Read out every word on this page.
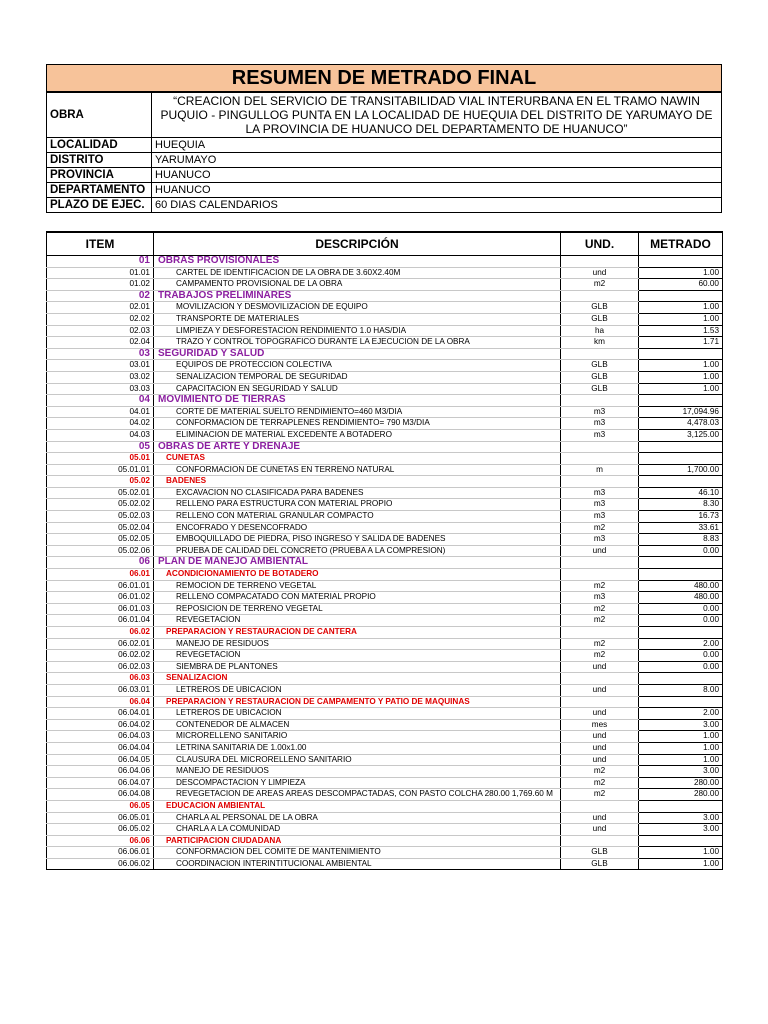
RESUMEN DE METRADO FINAL
OBRA	“CREACION DEL SERVICIO DE TRANSITABILIDAD VIAL INTERURBANA EN EL TRAMO NAWIN PUQUIO - PINGULLOG PUNTA EN LA LOCALIDAD DE HUEQUIA DEL DISTRITO DE YARUMAYO DE LA PROVINCIA DE HUANUCO DEL DEPARTAMENTO DE HUANUCO”
LOCALIDAD	HUEQUIA
DISTRITO	YARUMAYO
PROVINCIA	HUANUCO
DEPARTAMENTO	HUANUCO
PLAZO DE EJEC.	60 DIAS CALENDARIOS
ITEM	DESCRIPCIÓN	UND.	METRADO
01	OBRAS PROVISIONALES		
01.01	CARTEL DE IDENTIFICACION DE LA OBRA DE 3.60X2.40M	und	1.00
01.02	CAMPAMENTO PROVISIONAL DE LA OBRA	m2	60.00
02	TRABAJOS PRELIMINARES		
02.01	MOVILIZACION Y DESMOVILIZACION DE EQUIPO	GLB	1.00
02.02	TRANSPORTE DE MATERIALES	GLB	1.00
02.03	LIMPIEZA Y DESFORESTACION RENDIMIENTO 1.0 HAS/DIA	ha	1.53
02.04	TRAZO Y CONTROL TOPOGRAFICO DURANTE LA EJECUCION DE LA OBRA	km	1.71
03	SEGURIDAD Y SALUD		
03.01	EQUIPOS DE PROTECCION COLECTIVA	GLB	1.00
03.02	SENALIZACION TEMPORAL DE SEGURIDAD	GLB	1.00
03.03	CAPACITACION EN SEGURIDAD Y SALUD	GLB	1.00
04	MOVIMIENTO DE TIERRAS		
04.01	CORTE DE MATERIAL SUELTO RENDIMIENTO=460 M3/DIA	m3	17,094.96
04.02	CONFORMACION DE TERRAPLENES RENDIMIENTO= 790 M3/DIA	m3	4,478.03
04.03	ELIMINACION DE MATERIAL EXCEDENTE A BOTADERO	m3	3,125.00
05	OBRAS DE ARTE Y DRENAJE		
05.01	CUNETAS		
05.01.01	CONFORMACION DE CUNETAS EN TERRENO NATURAL	m	1,700.00
05.02	BADENES		
05.02.01	EXCAVACION NO CLASIFICADA PARA BADENES	m3	46.10
05.02.02	RELLENO PARA ESTRUCTURA CON MATERIAL PROPIO	m3	8.30
05.02.03	RELLENO CON MATERIAL GRANULAR COMPACTO	m3	16.73
05.02.04	ENCOFRADO Y DESENCOFRADO	m2	33.61
05.02.05	EMBOQUILLADO DE PIEDRA, PISO INGRESO Y SALIDA DE BADENES	m3	8.83
05.02.06	PRUEBA DE CALIDAD DEL CONCRETO (PRUEBA A LA COMPRESION)	und	0.00
06	PLAN DE MANEJO AMBIENTAL		
06.01	ACONDICIONAMIENTO DE BOTADERO		
06.01.01	REMOCION DE TERRENO VEGETAL	m2	480.00
06.01.02	RELLENO COMPACATADO CON MATERIAL PROPIO	m3	480.00
06.01.03	REPOSICION DE TERRENO VEGETAL	m2	0.00
06.01.04	REVEGETACION	m2	0.00
06.02	PREPARACION Y RESTAURACION DE CANTERA		
06.02.01	MANEJO DE RESIDUOS	m2	2.00
06.02.02	REVEGETACION	m2	0.00
06.02.03	SIEMBRA DE PLANTONES	und	0.00
06.03	SENALIZACION		
06.03.01	LETREROS DE UBICACION	und	8.00
06.04	PREPARACION Y RESTAURACION DE CAMPAMENTO Y PATIO DE MAQUINAS		
06.04.01	LETREROS DE UBICACION	und	2.00
06.04.02	CONTENEDOR DE ALMACEN	mes	3.00
06.04.03	MICRORELLENO SANITARIO	und	1.00
06.04.04	LETRINA SANITARIA DE 1.00x1.00	und	1.00
06.04.05	CLAUSURA DEL MICRORELLENO SANITARIO	und	1.00
06.04.06	MANEJO DE RESIDUOS	m2	3.00
06.04.07	DESCOMPACTACION Y LIMPIEZA	m2	280.00
06.04.08	REVEGETACION DE AREAS AREAS DESCOMPACTADAS, CON PASTO COLCHA 280.00 1,769.60 M	m2	280.00
06.05	EDUCACION AMBIENTAL		
06.05.01	CHARLA AL PERSONAL DE LA OBRA	und	3.00
06.05.02	CHARLA A LA COMUNIDAD	und	3.00
06.06	PARTICIPACION CIUDADANA		
06.06.01	CONFORMACION DEL COMITE DE MANTENIMIENTO	GLB	1.00
06.06.02	COORDINACION INTERINTITUCIONAL AMBIENTAL	GLB	1.00
